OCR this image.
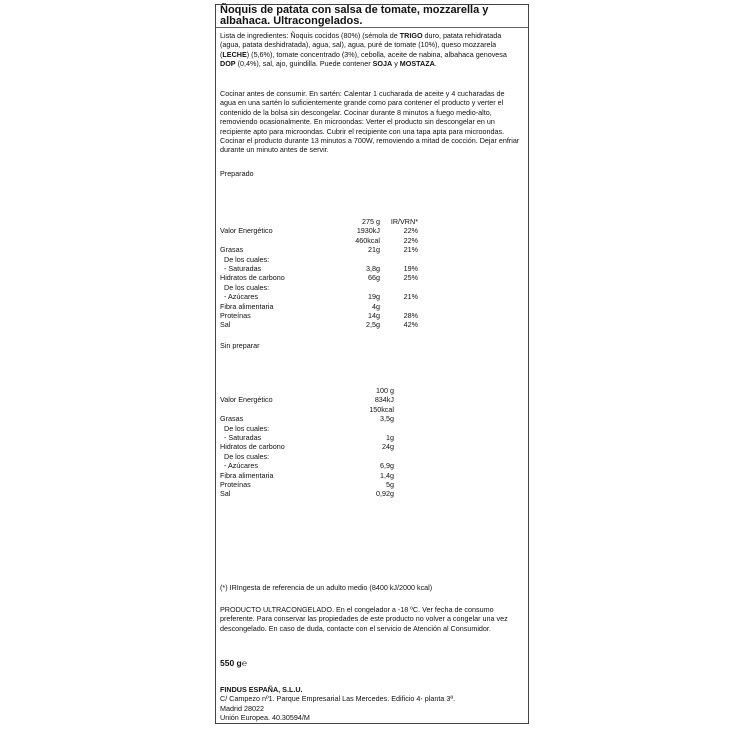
Ñoquis de patata con salsa de tomate, mozzarella y albahaca. Ultracongelados.
Lista de ingredientes: Ñoquis cocidos (80%) (sémola de TRIGO duro, patata rehidratada (agua, patata deshidratada), agua, sal), agua, puré de tomate (10%), queso mozzarela (LECHE) (5,6%), tomate concentrado (3%), cebolla, aceite de nabina, albahaca genovesa DOP (0,4%), sal, ajo, guindilla. Puede contener SOJA y MOSTAZA.
Cocinar antes de consumir. En sartén: Calentar 1 cucharada de aceite y 4 cucharadas de agua en una sartén lo suficientemente grande como para contener el producto y verter el contenido de la bolsa sin descongelar. Cocinar durante 8 minutos a fuego medio-alto, removiendo ocasionalmente. En microondas: Verter el producto sin descongelar en un recipiente apto para microondas. Cubrir el recipiente con una tapa apta para microondas. Cocinar el producto durante 13 minutos a 700W, removiendo a mitad de cocción. Dejar enfriar durante un minuto antes de servir.
Preparado
275 g	IR/VRN*
Valor Energético	1930kJ	22%
460kcal	22%
Grasas	21g	21%
De los cuales:
- Saturadas	3,8g	19%
Hidratos de carbono	66g	25%
De los cuales:
- Azúcares	19g	21%
Fibra alimentaria	4g
Proteínas	14g	28%
Sal	2,5g	42%
Sin preparar
100 g
Valor Energético	834kJ
150kcal
Grasas	3,5g
De los cuales:
- Saturadas	1g
Hidratos de carbono	24g
De los cuales:
- Azúcares	6,9g
Fibra alimentaria	1,4g
Proteínas	5g
Sal	0,92g
(*) IRIngesta de referencia de un adulto medio (8400 kJ/2000 kcal)
PRODUCTO ULTRACONGELADO. En el congelador a -18 ºC. Ver fecha de consumo preferente. Para conservar las propiedades de este producto no volver a congelar una vez descongelado. En caso de duda, contacte con el servicio de Atención al Consumidor.
550 g℮
FINDUS ESPAÑA, S.L.U.
C/ Campezo nº1. Parque Empresarial Las Mercedes. Edificio 4- planta 3ª.
Madrid 28022
Unión Europea. 40.30594/M
